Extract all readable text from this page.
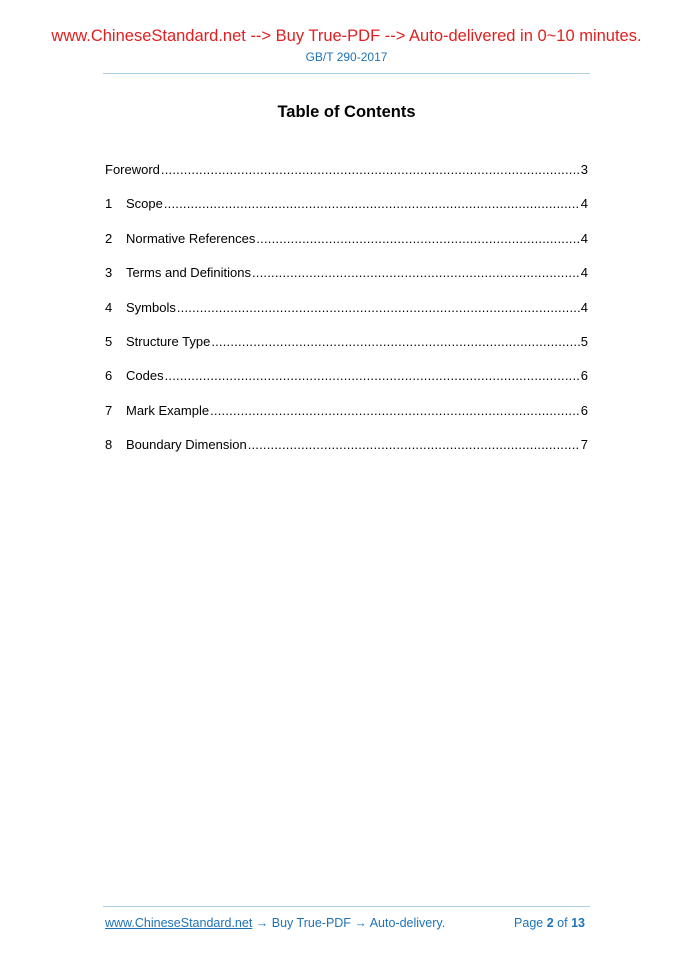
www.ChineseStandard.net --> Buy True-PDF --> Auto-delivered in 0~10 minutes.
GB/T 290-2017
Table of Contents
Foreword .....	3
1	Scope .....	4
2	Normative References .....	4
3	Terms and Definitions .....	4
4	Symbols .....	4
5	Structure Type .....	5
6	Codes .....	6
7	Mark Example .....	6
8	Boundary Dimension .....	7
www.ChineseStandard.net → Buy True-PDF → Auto-delivery.	Page 2 of 13
